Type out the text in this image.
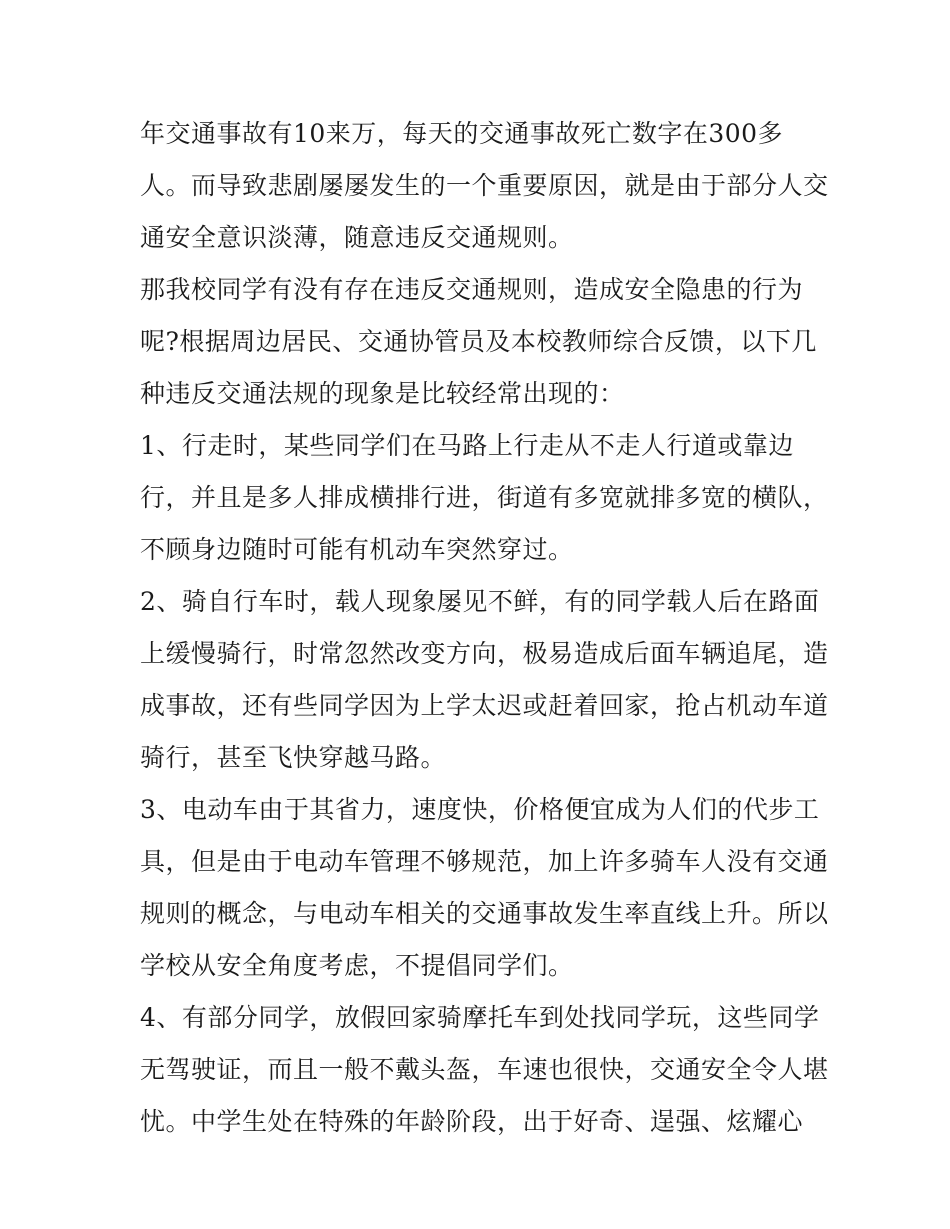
年交通事故有10来万，每天的交通事故死亡数字在300多
人。而导致悲剧屡屡发生的一个重要原因，就是由于部分人交
通安全意识淡薄，随意违反交通规则。
那我校同学有没有存在违反交通规则，造成安全隐患的行为
呢?根据周边居民、交通协管员及本校教师综合反馈，以下几
种违反交通法规的现象是比较经常出现的：
1、行走时，某些同学们在马路上行走从不走人行道或靠边
行，并且是多人排成横排行进，街道有多宽就排多宽的横队，
不顾身边随时可能有机动车突然穿过。
2、骑自行车时，载人现象屡见不鲜，有的同学载人后在路面
上缓慢骑行，时常忽然改变方向，极易造成后面车辆追尾，造
成事故，还有些同学因为上学太迟或赶着回家，抢占机动车道
骑行，甚至飞快穿越马路。
3、电动车由于其省力，速度快，价格便宜成为人们的代步工
具，但是由于电动车管理不够规范，加上许多骑车人没有交通
规则的概念，与电动车相关的交通事故发生率直线上升。所以
学校从安全角度考虑，不提倡同学们。
4、有部分同学，放假回家骑摩托车到处找同学玩，这些同学
无驾驶证，而且一般不戴头盔，车速也很快，交通安全令人堪
忧。中学生处在特殊的年龄阶段，出于好奇、逞强、炫耀心
